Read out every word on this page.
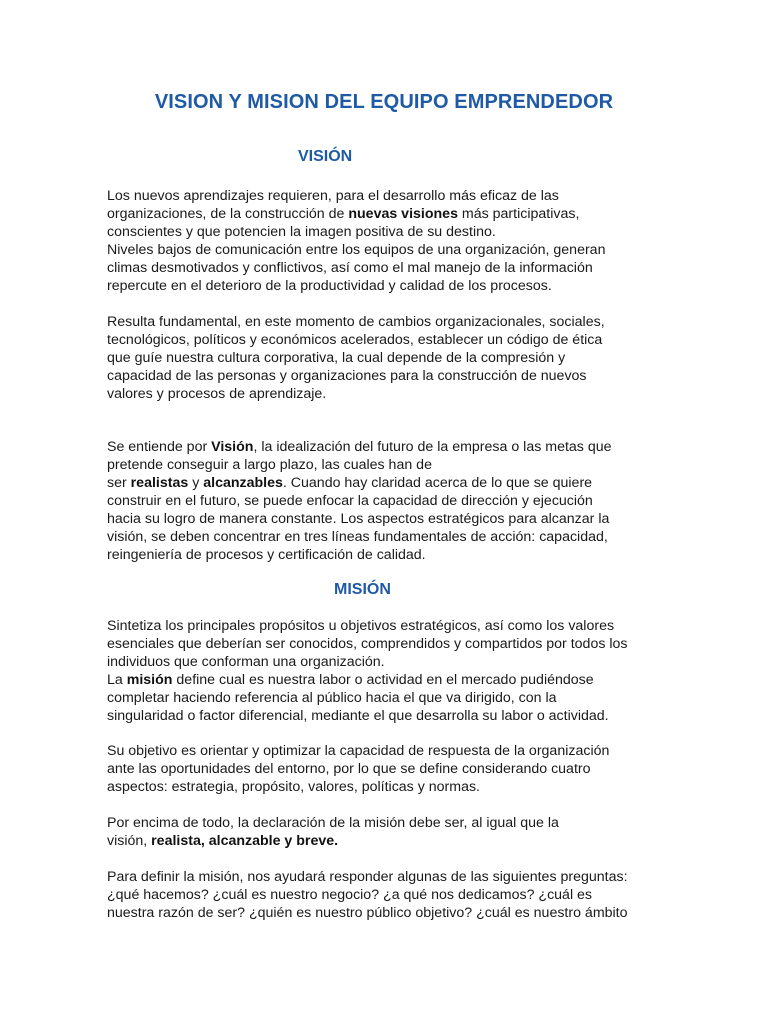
VISION Y MISION DEL EQUIPO EMPRENDEDOR
VISIÓN

Los nuevos aprendizajes requieren, para el desarrollo más eficaz de las
organizaciones, de la construcción de nuevas visiones más participativas,
conscientes y que potencien la imagen positiva de su destino.
Niveles bajos de comunicación entre los equipos de una organización, generan
climas desmotivados y conflictivos, así como el mal manejo de la información
repercute en el deterioro de la productividad y calidad de los procesos.

Resulta fundamental, en este momento de cambios organizacionales, sociales,
tecnológicos, políticos y económicos acelerados, establecer un código de ética
que guíe nuestra cultura corporativa, la cual depende de la compresión y
capacidad de las personas y organizaciones para la construcción de nuevos
valores y procesos de aprendizaje.

Se entiende por Visión, la idealización del futuro de la empresa o las metas que
pretende conseguir a largo plazo, las cuales han de
ser realistas y alcanzables. Cuando hay claridad acerca de lo que se quiere
construir en el futuro, se puede enfocar la capacidad de dirección y ejecución
hacia su logro de manera constante. Los aspectos estratégicos para alcanzar la
visión, se deben concentrar en tres líneas fundamentales de acción: capacidad,
reingeniería de procesos y certificación de calidad.

MISIÓN

Sintetiza los principales propósitos u objetivos estratégicos, así como los valores
esenciales que deberían ser conocidos, comprendidos y compartidos por todos los
individuos que conforman una organización.
La misión define cual es nuestra labor o actividad en el mercado pudiéndose
completar haciendo referencia al público hacia el que va dirigido, con la
singularidad o factor diferencial, mediante el que desarrolla su labor o actividad.

Su objetivo es orientar y optimizar la capacidad de respuesta de la organización
ante las oportunidades del entorno, por lo que se define considerando cuatro
aspectos: estrategia, propósito, valores, políticas y normas.

Por encima de todo, la declaración de la misión debe ser, al igual que la
visión, realista, alcanzable y breve.

Para definir la misión, nos ayudará responder algunas de las siguientes preguntas:
¿qué hacemos? ¿cuál es nuestro negocio? ¿a qué nos dedicamos? ¿cuál es
nuestra razón de ser? ¿quién es nuestro público objetivo? ¿cuál es nuestro ámbito
